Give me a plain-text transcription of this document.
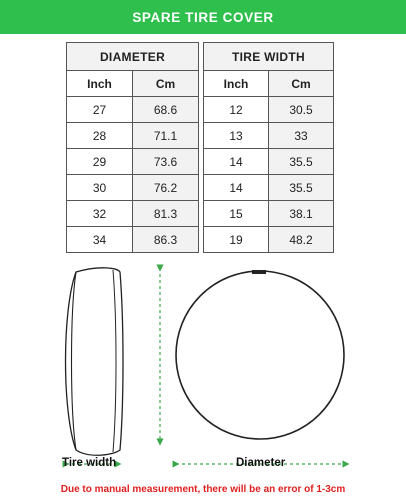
SPARE TIRE COVER
DIAMETER	
Inch	Cm
27	68.6
28	71.1
29	73.6
30	76.2
32	81.3
34	86.3
TIRE WIDTH	
Inch	Cm
12	30.5
13	33
14	35.5
14	35.5
15	38.1
19	48.2
Tire width	Diameter
Due to manual measurement, there will be an error of 1-3cm
